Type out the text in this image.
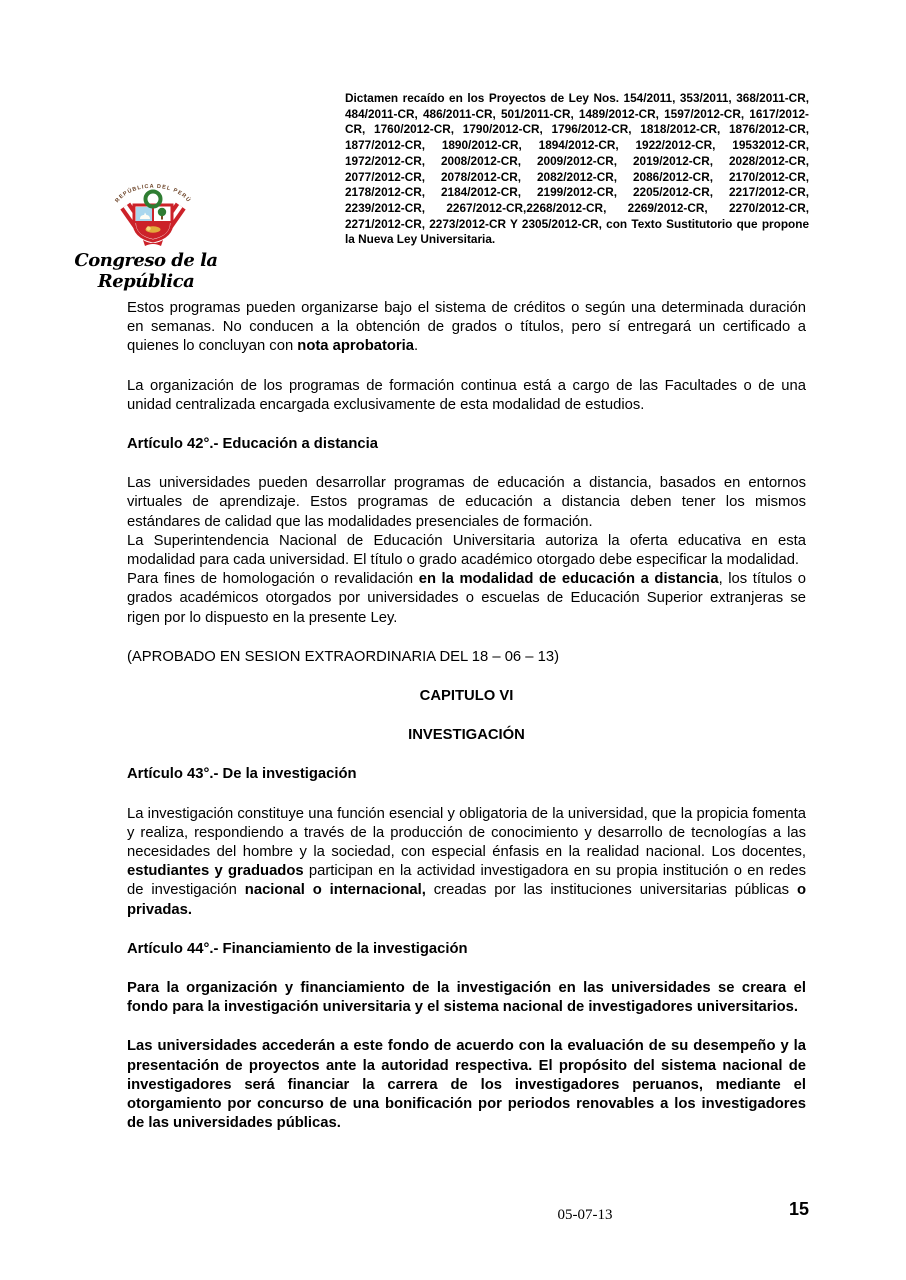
REPÚBLICA DEL PERÚ
Congreso de la República
Dictamen recaído en los Proyectos de Ley Nos. 154/2011, 353/2011, 368/2011-CR, 484/2011-CR, 486/2011-CR, 501/2011-CR, 1489/2012-CR, 1597/2012-CR, 1617/2012-CR, 1760/2012-CR, 1790/2012-CR, 1796/2012-CR, 1818/2012-CR, 1876/2012-CR, 1877/2012-CR, 1890/2012-CR, 1894/2012-CR, 1922/2012-CR, 19532012-CR, 1972/2012-CR, 2008/2012-CR, 2009/2012-CR, 2019/2012-CR, 2028/2012-CR, 2077/2012-CR, 2078/2012-CR, 2082/2012-CR, 2086/2012-CR, 2170/2012-CR, 2178/2012-CR, 2184/2012-CR, 2199/2012-CR, 2205/2012-CR, 2217/2012-CR, 2239/2012-CR, 2267/2012-CR,2268/2012-CR, 2269/2012-CR, 2270/2012-CR, 2271/2012-CR, 2273/2012-CR Y 2305/2012-CR, con Texto Sustitutorio que propone la Nueva Ley Universitaria.

Estos programas pueden organizarse bajo el sistema de créditos o según una determinada duración en semanas. No conducen a la obtención de grados o títulos, pero sí entregará un certificado a quienes lo concluyan con nota aprobatoria.

La organización de los programas de formación continua está a cargo de las Facultades o de una unidad centralizada encargada exclusivamente de esta modalidad de estudios.

Artículo 42°.- Educación a distancia

Las universidades pueden desarrollar programas de educación a distancia, basados en entornos virtuales de aprendizaje. Estos programas de educación a distancia deben tener los mismos estándares de calidad que las modalidades presenciales de formación.

La Superintendencia Nacional de Educación Universitaria autoriza la oferta educativa en esta modalidad para cada universidad. El título o grado académico otorgado debe especificar la modalidad.

Para fines de homologación o revalidación en la modalidad de educación a distancia, los títulos o grados académicos otorgados por universidades o escuelas de Educación Superior extranjeras se rigen por lo dispuesto en la presente Ley.

(APROBADO EN SESION EXTRAORDINARIA DEL 18 – 06 – 13)

CAPITULO VI

INVESTIGACIÓN

Artículo 43°.- De la investigación

La investigación constituye una función esencial y obligatoria de la universidad, que la propicia fomenta y realiza, respondiendo a través de la producción de conocimiento y desarrollo de tecnologías a las necesidades del hombre y la sociedad, con especial énfasis en la realidad nacional. Los docentes, estudiantes y graduados participan en la actividad investigadora en su propia institución o en redes de investigación nacional o internacional, creadas por las instituciones universitarias públicas o privadas.

Artículo 44°.- Financiamiento de la investigación

Para la organización y financiamiento de la investigación en las universidades se creara el fondo para la investigación universitaria y el sistema nacional de investigadores universitarios.

Las universidades accederán a este fondo de acuerdo con la evaluación de su desempeño y la presentación de proyectos ante la autoridad respectiva. El propósito del sistema nacional de investigadores será financiar la carrera de los investigadores peruanos, mediante el otorgamiento por concurso de una bonificación por periodos renovables a los investigadores de las universidades públicas.

05-07-13	15
